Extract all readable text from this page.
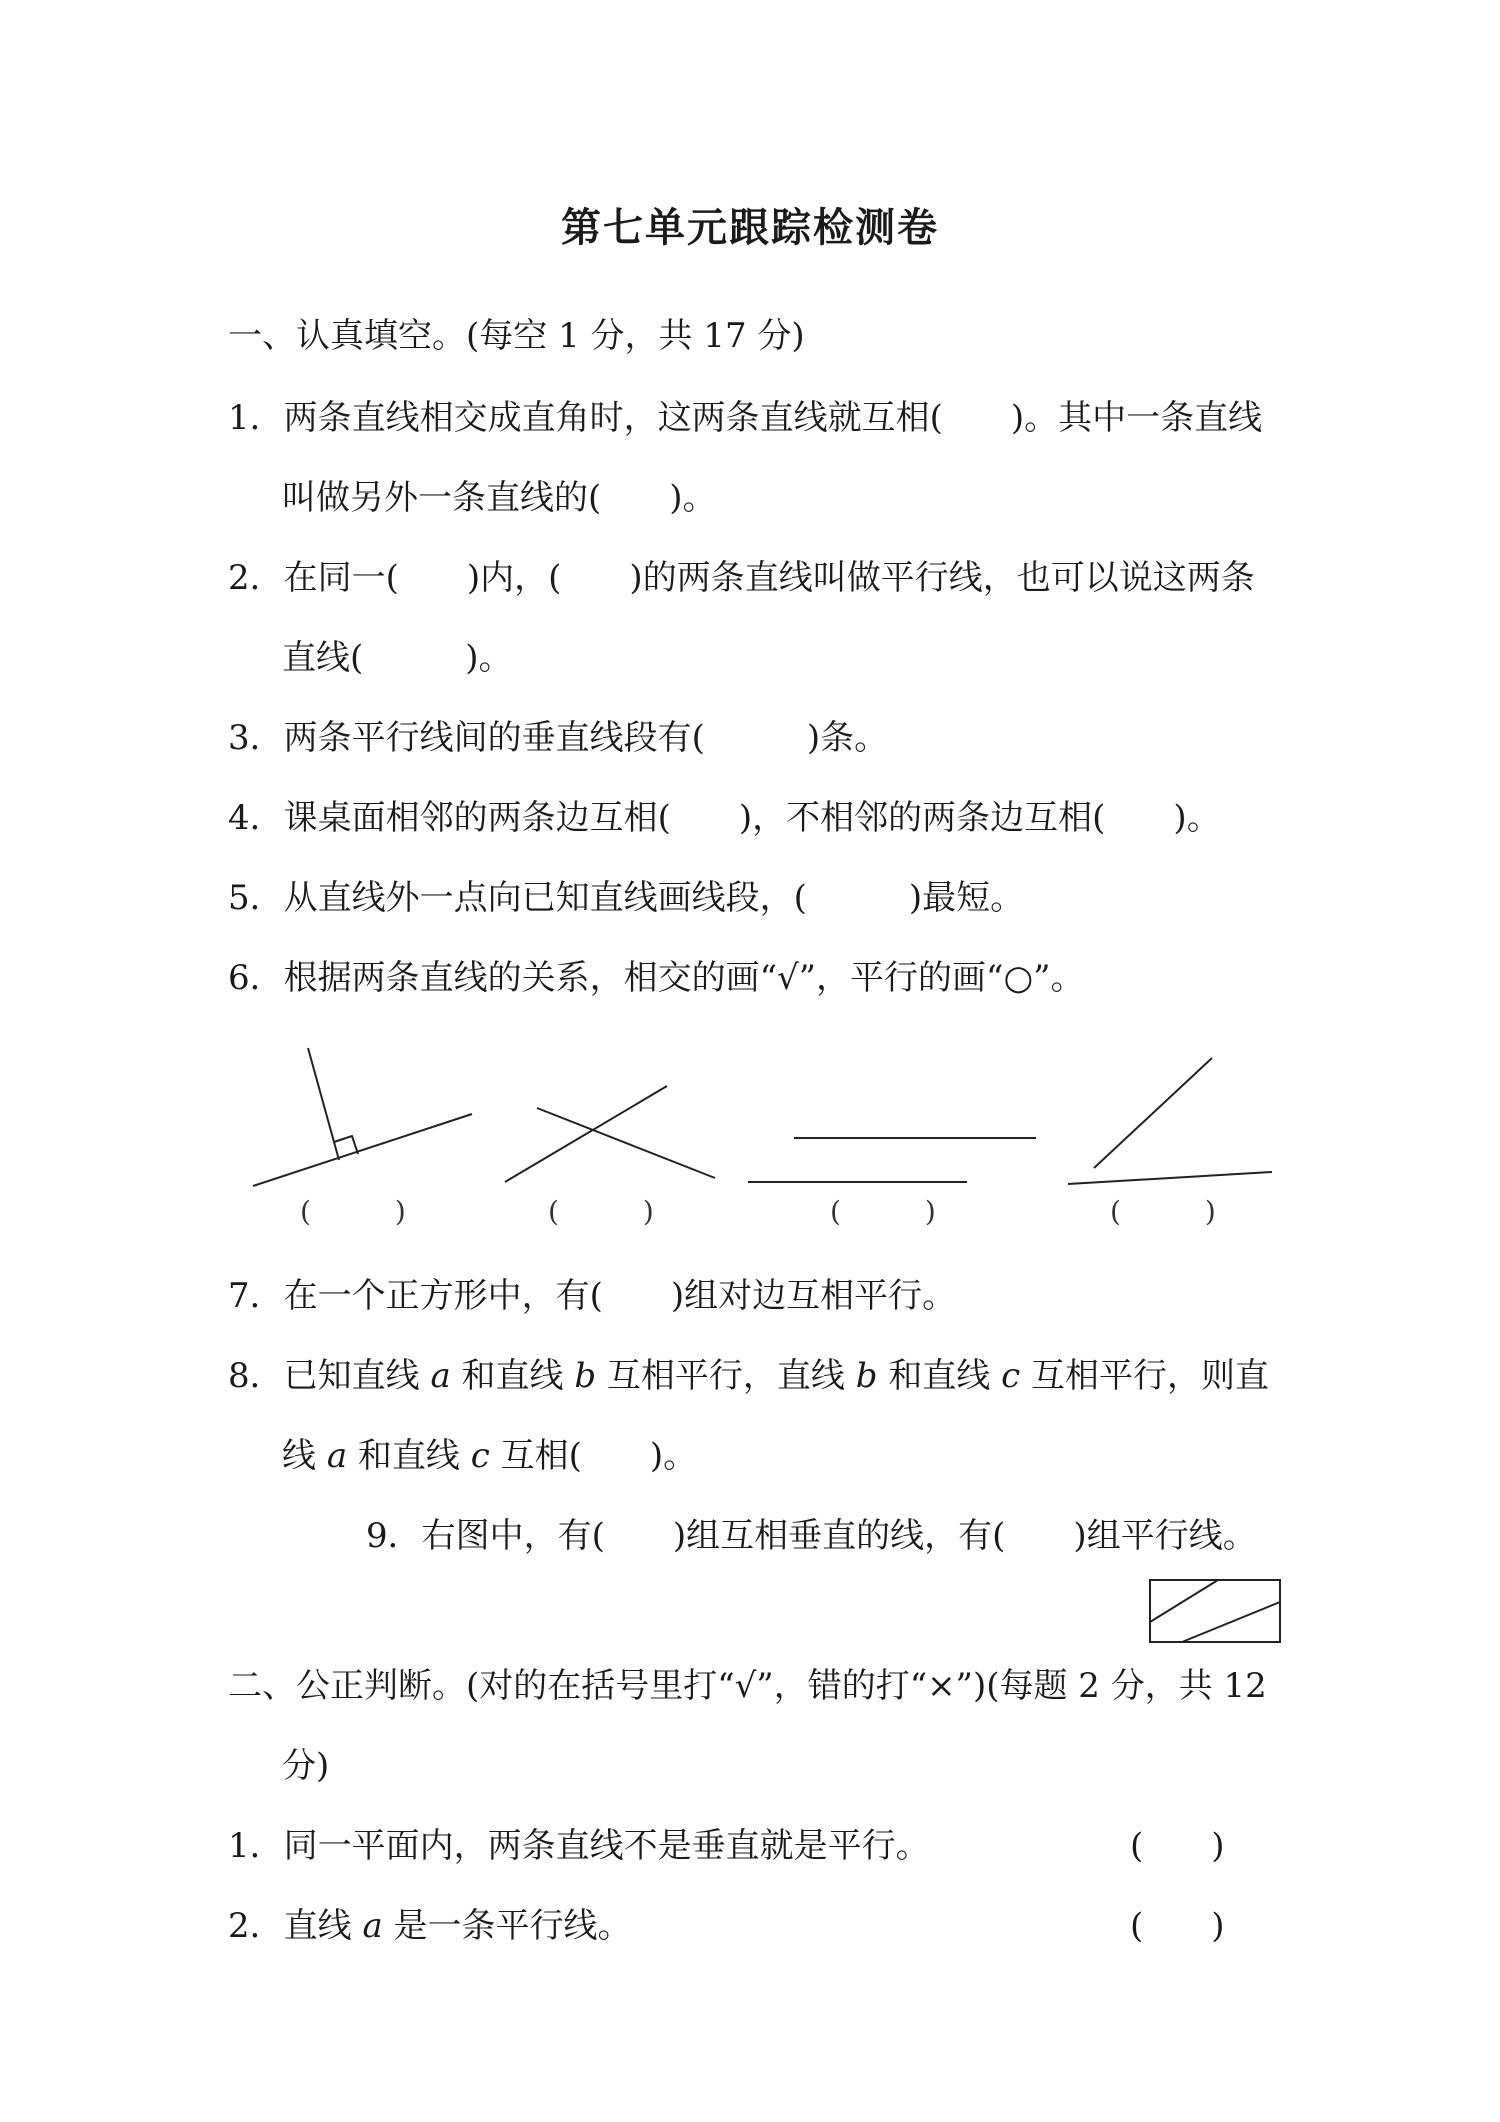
第七单元跟踪检测卷
一、认真填空。(每空 1 分，共 17 分)
1．两条直线相交成直角时，这两条直线就互相(　　)。其中一条直线
叫做另外一条直线的(　　)。
2．在同一(　　)内，(　　)的两条直线叫做平行线，也可以说这两条
直线(　　　)。
3．两条平行线间的垂直线段有(　　　)条。
4．课桌面相邻的两条边互相(　　)，不相邻的两条边互相(　　)。
5．从直线外一点向已知直线画线段，(　　　)最短。
6．根据两条直线的关系，相交的画“√”，平行的画“○”。
(　　　)	(　　　)	(　　　)	(　　　)
7．在一个正方形中，有(　　)组对边互相平行。
8．已知直线 a 和直线 b 互相平行，直线 b 和直线 c 互相平行，则直
线 a 和直线 c 互相(　　)。
9．右图中，有(　　)组互相垂直的线，有(　　)组平行线。
二、公正判断。(对的在括号里打“√”，错的打“×”)(每题 2 分，共 12
分)
1．同一平面内，两条直线不是垂直就是平行。	(　　)
2．直线 a 是一条平行线。	(　　)
